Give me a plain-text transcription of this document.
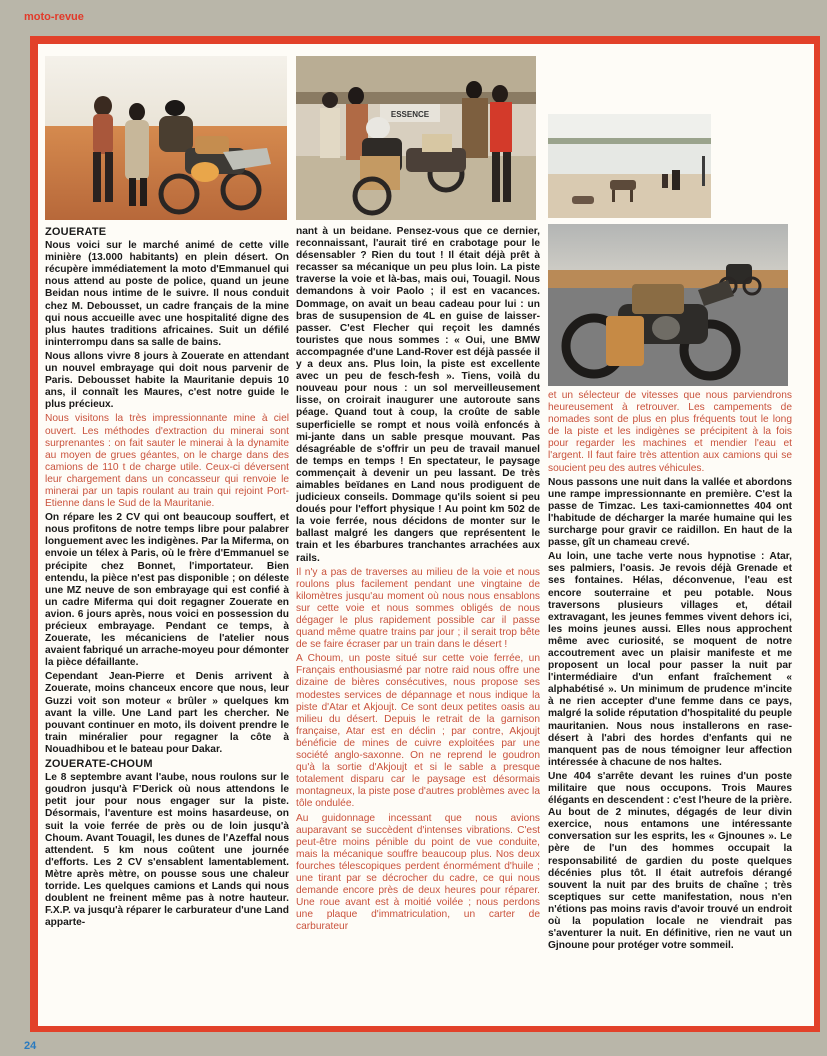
moto-revue
ESSENCE
ZOUERATE

Nous voici sur le marché animé de cette ville minière (13.000 habitants) en plein désert. On récupère immédiatement la moto d'Emmanuel qui nous attend au poste de police, quand un jeune Beidan nous intime de le suivre. Il nous conduit chez M. Debousset, un cadre français de la mine qui nous accueille avec une hospitalité digne des plus hautes traditions africaines. Suit un défilé ininterrompu dans sa salle de bains.

Nous allons vivre 8 jours à Zouerate en attendant un nouvel embrayage qui doit nous parvenir de Paris. Debousset habite la Mauritanie depuis 10 ans, il connaît les Maures, c'est notre guide le plus précieux.

Nous visitons la très impressionnante mine à ciel ouvert. Les méthodes d'extraction du minerai sont surprenantes : on fait sauter le minerai à la dynamite au moyen de grues géantes, on le charge dans des camions de 110 t de charge utile. Ceux-ci déversent leur chargement dans un concasseur qui renvoie le minerai par un tapis roulant au train qui rejoint Port-Etienne dans le Sud de la Mauritanie.

On répare les 2 CV qui ont beaucoup souffert, et nous profitons de notre temps libre pour palabrer longuement avec les indigènes. Par la Miferma, on envoie un télex à Paris, où le frère d'Emmanuel se précipite chez Bonnet, l'importateur. Bien entendu, la pièce n'est pas disponible ; on déleste une MZ neuve de son embrayage qui est confié à un cadre Miferma qui doit regagner Zouerate en avion. 6 jours après, nous voici en possession du précieux embrayage. Pendant ce temps, à Zouerate, les mécaniciens de l'atelier nous avaient fabriqué un arrache-moyeu pour démonter la pièce défaillante.

Cependant Jean-Pierre et Denis arrivent à Zouerate, moins chanceux encore que nous, leur Guzzi voit son moteur « brûler » quelques km avant la ville. Une Land part les chercher. Ne pouvant continuer en moto, ils doivent prendre le train minéralier pour regagner la côte à Nouadhibou et le bateau pour Dakar.

ZOUERATE-CHOUM

Le 8 septembre avant l'aube, nous roulons sur le goudron jusqu'à F'Derick où nous attendons le petit jour pour nous engager sur la piste. Désormais, l'aventure est moins hasardeuse, on suit la voie ferrée de près ou de loin jusqu'à Choum. Avant Touagil, les dunes de l'Azeffal nous attendent. 5 km nous coûtent une journée d'efforts. Les 2 CV s'ensablent lamentablement. Mètre après mètre, on pousse sous une chaleur torride. Les quelques camions et Lands qui nous doublent ne freinent même pas à notre hauteur. F.X.P. va jusqu'à réparer le carburateur d'une Land apparte-

nant à un beidane. Pensez-vous que ce dernier, reconnaissant, l'aurait tiré en crabotage pour le désensabler ? Rien du tout ! Il était déjà prêt à recasser sa mécanique un peu plus loin. La piste traverse la voie et là-bas, mais oui, Touagil. Nous demandons à voir Paolo ; il est en vacances. Dommage, on avait un beau cadeau pour lui : un bras de susupension de 4L en guise de laisser-passer. C'est Flecher qui reçoit les damnés touristes que nous sommes : « Oui, une BMW accompagnée d'une Land-Rover est déjà passée il y a deux ans. Plus loin, la piste est excellente avec un peu de fesch-fesh ». Tiens, voilà du nouveau pour nous : un sol merveilleusement lisse, on croirait inaugurer une autoroute sans péage. Quand tout à coup, la croûte de sable superficielle se rompt et nous voilà enfoncés à mi-jante dans un sable presque mouvant. Pas désagréable de s'offrir un peu de travail manuel de temps en temps ! En spectateur, le paysage commençait à devenir un peu lassant. De très aimables beïdanes en Land nous prodiguent de judicieux conseils. Dommage qu'ils soient si peu doués pour l'effort physique ! Au point km 502 de la voie ferrée, nous décidons de monter sur le ballast malgré les dangers que représentent le train et les ébarbures tranchantes arrachées aux rails.

Il n'y a pas de traverses au milieu de la voie et nous roulons plus facilement pendant une vingtaine de kilomètres jusqu'au moment où nous nous ensablons sur cette voie et nous sommes obligés de nous dégager le plus rapidement possible car il passe quand même quatre trains par jour ; il serait trop bête de se faire écraser par un train dans le désert !

A Choum, un poste situé sur cette voie ferrée, un Français enthousiasmé par notre raid nous offre une dizaine de bières consécutives, nous propose ses modestes services de dépannage et nous indique la piste d'Atar et Akjoujt. Ce sont deux petites oasis au milieu du désert. Depuis le retrait de la garnison française, Atar est en déclin ; par contre, Akjoujt bénéficie de mines de cuivre exploitées par une société anglo-saxonne. On ne reprend le goudron qu'à la sortie d'Akjoujt et si le sable a presque totalement disparu car le paysage est désormais montagneux, la piste pose d'autres problèmes avec la tôle ondulée.

Au guidonnage incessant que nous avions auparavant se succèdent d'intenses vibrations. C'est peut-être moins pénible du point de vue conduite, mais la mécanique souffre beaucoup plus. Nos deux fourches télescopiques perdent énormément d'huile ; une tirant par se décrocher du cadre, ce qui nous demande encore près de deux heures pour réparer. Une roue avant est à moitié voilée ; nous perdons une plaque d'immatriculation, un carter de carburateur

et un sélecteur de vitesses que nous parviendrons heureusement à retrouver. Les campements de nomades sont de plus en plus fréquents tout le long de la piste et les indigènes se précipitent à la fois pour regarder les machines et mendier l'eau et l'argent. Il faut faire très attention aux camions qui se soucient peu des autres véhicules.

Nous passons une nuit dans la vallée et abordons une rampe impressionnante en première. C'est la passe de Timzac. Les taxi-camionnettes 404 ont l'habitude de décharger la marée humaine qui les surcharge pour gravir ce raidillon. En haut de la passe, gît un chameau crevé.

Au loin, une tache verte nous hypnotise : Atar, ses palmiers, l'oasis. Je revois déjà Grenade et ses fontaines. Hélas, déconvenue, l'eau est encore souterraine et peu potable. Nous traversons plusieurs villages et, détail extravagant, les jeunes femmes vivent dehors ici, les moins jeunes aussi. Elles nous approchent même avec curiosité, se moquent de notre accoutrement avec un plaisir manifeste et me proposent un local pour passer la nuit par l'intermédiaire d'un enfant fraîchement « alphabétisé ». Un minimum de prudence m'incite à ne rien accepter d'une femme dans ce pays, malgré la solide réputation d'hospitalité du peuple mauritanien. Nous nous installerons en rase-désert à l'abri des hordes d'enfants qui ne manquent pas de nous témoigner leur affection intéressée à chacune de nos haltes.

Une 404 s'arrête devant les ruines d'un poste militaire que nous occupons. Trois Maures élégants en descendent : c'est l'heure de la prière. Au bout de 2 minutes, dégagés de leur divin exercice, nous entamons une intéressante conversation sur les esprits, les « Gjnounes ». Le père de l'un des hommes occupait la responsabilité de gardien du poste quelques décénies plus tôt. Il était autrefois dérangé souvent la nuit par des bruits de chaîne ; très sceptiques sur cette manifestation, nous n'en n'étions pas moins ravis d'avoir trouvé un endroit où la population locale ne viendrait pas s'aventurer la nuit. En définitive, rien ne vaut un Gjnoune pour protéger votre sommeil.

24
